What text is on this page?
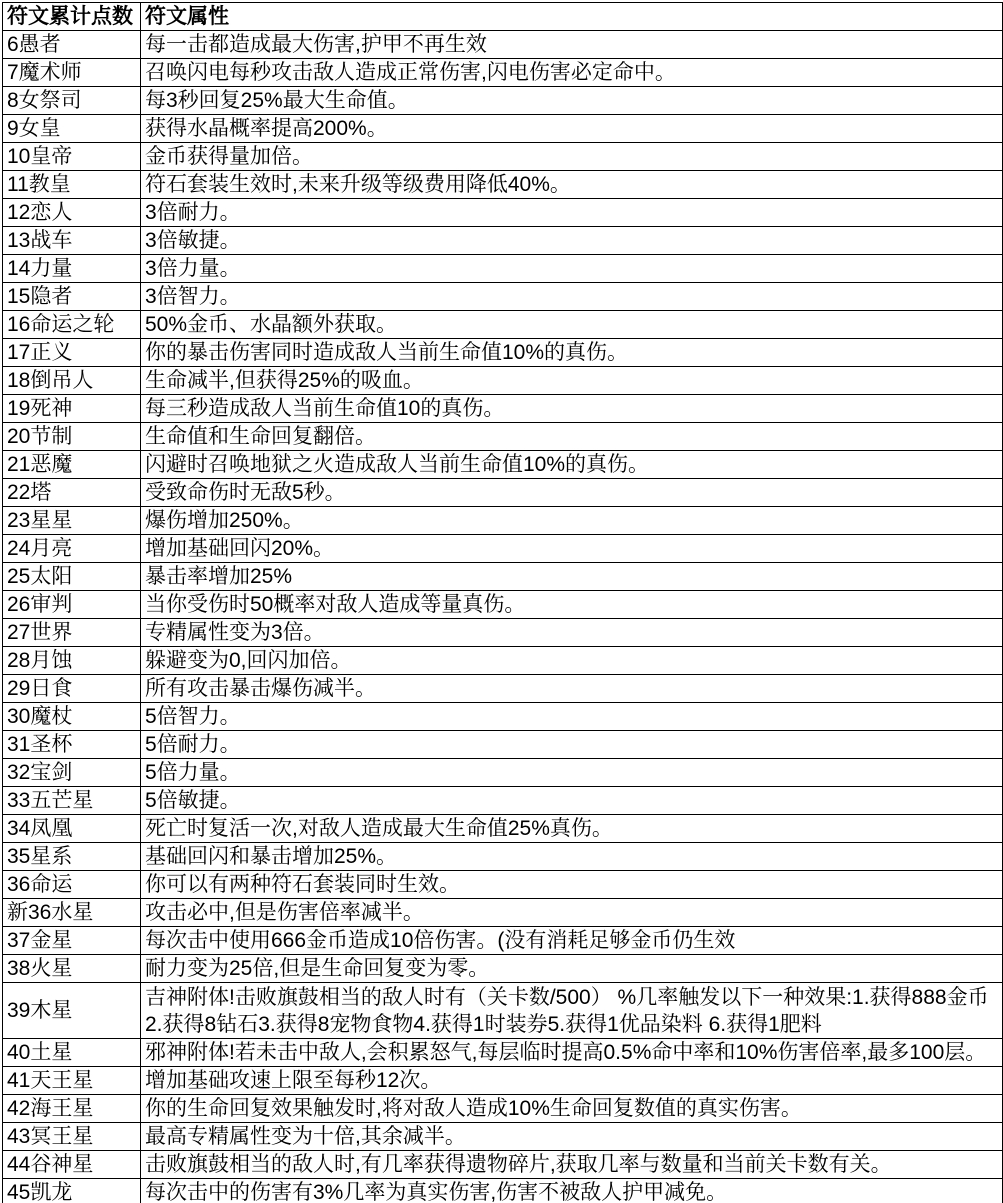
符文累计点数	符文属性
6愚者	每一击都造成最大伤害,护甲不再生效
7魔术师	召唤闪电每秒攻击敌人造成正常伤害,闪电伤害必定命中。
8女祭司	每3秒回复25%最大生命值。
9女皇	获得水晶概率提高200%。
10皇帝	金币获得量加倍。
11教皇	符石套装生效时,未来升级等级费用降低40%。
12恋人	3倍耐力。
13战车	3倍敏捷。
14力量	3倍力量。
15隐者	3倍智力。
16命运之轮	50%金币、水晶额外获取。
17正义	你的暴击伤害同时造成敌人当前生命值10%的真伤。
18倒吊人	生命减半,但获得25%的吸血。
19死神	每三秒造成敌人当前生命值10的真伤。
20节制	生命值和生命回复翻倍。
21恶魔	闪避时召唤地狱之火造成敌人当前生命值10%的真伤。
22塔	受致命伤时无敌5秒。
23星星	爆伤增加250%。
24月亮	增加基础回闪20%。
25太阳	暴击率增加25%
26审判	当你受伤时50概率对敌人造成等量真伤。
27世界	专精属性变为3倍。
28月蚀	躲避变为0,回闪加倍。
29日食	所有攻击暴击爆伤减半。
30魔杖	5倍智力。
31圣杯	5倍耐力。
32宝剑	5倍力量。
33五芒星	5倍敏捷。
34凤凰	死亡时复活一次,对敌人造成最大生命值25%真伤。
35星系	基础回闪和暴击增加25%。
36命运	你可以有两种符石套装同时生效。
新36水星	攻击必中,但是伤害倍率减半。
37金星	每次击中使用666金币造成10倍伤害。(没有消耗足够金币仍生效
38火星	耐力变为25倍,但是生命回复变为零。
39木星	吉神附体!击败旗鼓相当的敌人时有（关卡数/500） %几率触发以下一种效果:1.获得888金币2.获得8钻石3.获得8宠物食物4.获得1时装券5.获得1优品染料 6.获得1肥料
40土星	邪神附体!若未击中敌人,会积累怒气,每层临时提高0.5%命中率和10%伤害倍率,最多100层。
41天王星	增加基础攻速上限至每秒12次。
42海王星	你的生命回复效果触发时,将对敌人造成10%生命回复数值的真实伤害。
43冥王星	最高专精属性变为十倍,其余减半。
44谷神星	击败旗鼓相当的敌人时,有几率获得遗物碎片,获取几率与数量和当前关卡数有关。
45凯龙	每次击中的伤害有3%几率为真实伤害,伤害不被敌人护甲减免。
